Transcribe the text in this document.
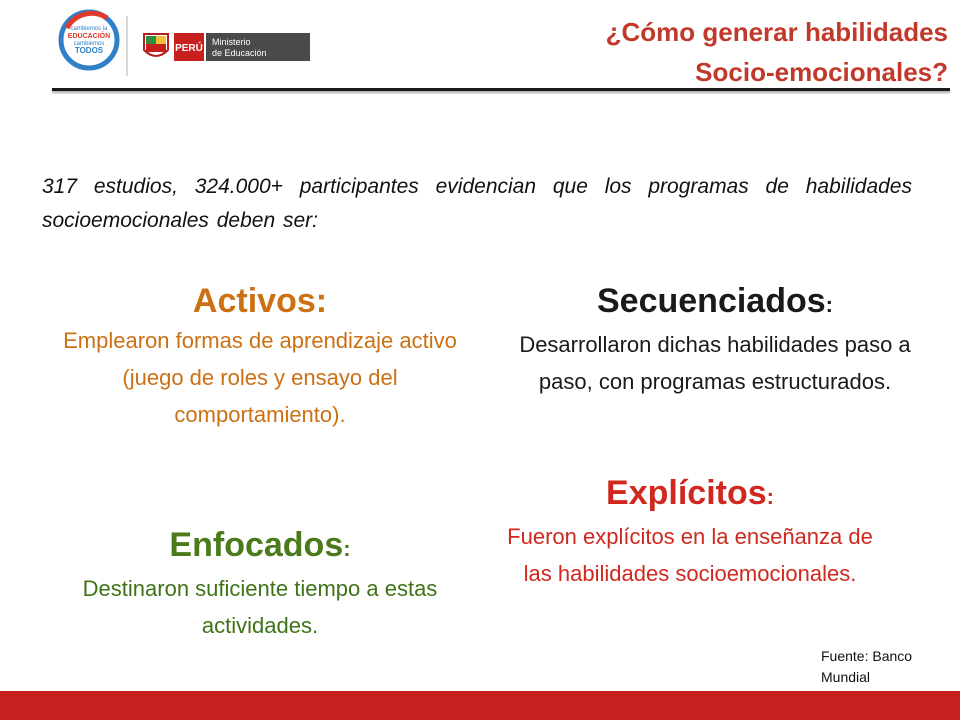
cambiemos la
EDUCACIÓN
cambiemos
TODOS	PERÚ
Ministerio
de Educación
¿Cómo generar habilidades
Socio-emocionales?
317 estudios, 324.000+ participantes evidencian que los programas de habilidades socioemocionales deben ser:
Activos:
Emplearon formas de aprendizaje activo (juego de roles y ensayo del comportamiento).
Secuenciados:
Desarrollaron dichas habilidades paso a paso, con programas estructurados.
Explícitos:
Fueron explícitos en la enseñanza de las habilidades socioemocionales.
Enfocados:
Destinaron suficiente tiempo a estas actividades.
Fuente: Banco Mundial
